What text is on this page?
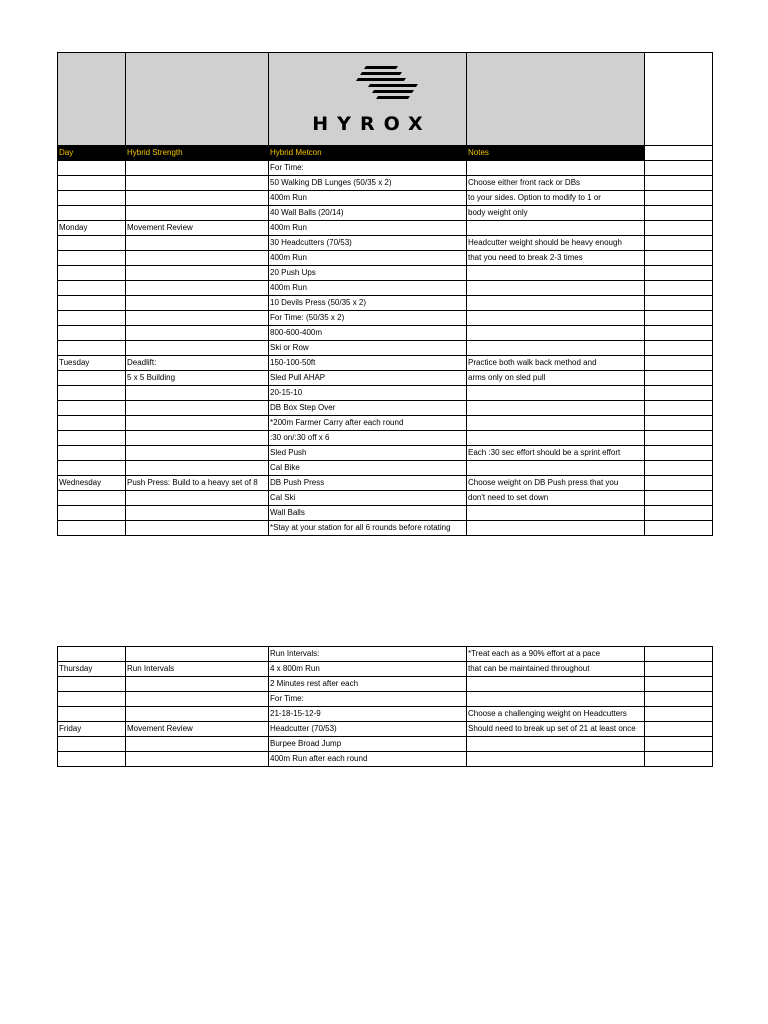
		HYROX		

Day	Hybrid Strength	Hybrid Metcon	Notes	

		For Time:		

		50 Walking DB Lunges (50/35 x 2)	Choose either front rack or DBs	

		400m Run	to your sides. Option to modify to 1 or	

		40 Wall Balls (20/14)	body weight only	

Monday	Movement Review	400m Run		

		30 Headcutters (70/53)	Headcutter weight should be heavy enough	

		400m Run	that you need to break 2-3 times	

		20 Push Ups		

		400m Run		

		10 Devils Press (50/35 x 2)		

		For Time: (50/35 x 2)		

		800-600-400m		

		Ski or Row		

Tuesday	Deadlift:	150-100-50ft	Practice both walk back method and	

	5 x 5 Building	Sled Pull AHAP	arms only on sled pull	

		20-15-10		

		DB Box Step Over		

		*200m Farmer Carry after each round		

		:30 on/:30 off x 6		

		Sled Push	Each :30 sec effort should be a sprint effort	

		Cal Bike		

Wednesday	Push Press: Build to a heavy set of 8	DB Push Press	Choose weight on DB Push press that you	

		Cal Ski	don't need to set down	

		Wall Balls		

		*Stay at your station for all 6 rounds before rotating		

		Run Intervals:	*Treat each as a 90% effort at a pace	

Thursday	Run Intervals	4 x 800m Run	that can be maintained throughout	

		2 Minutes rest after each		

		For Time:		

		21-18-15-12-9	Choose a challenging weight on Headcutters	

Friday	Movement Review	Headcutter (70/53)	Should need to break up set of 21 at least once	

		Burpee Broad Jump		

		400m Run after each round		
